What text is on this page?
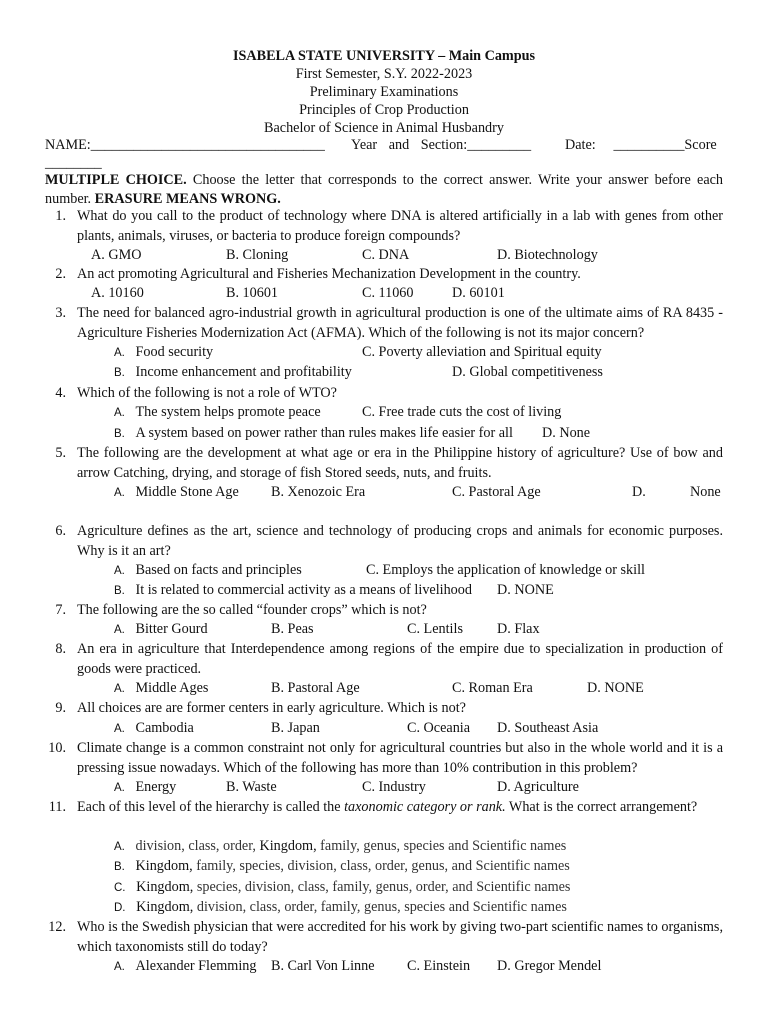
ISABELA STATE UNIVERSITY – Main Campus
First Semester, S.Y. 2022-2023
Preliminary Examinations
Principles of Crop Production
Bachelor of Science in Animal Husbandry
NAME:_________________________________ Year and Section:_________ Date: __________Score
________
MULTIPLE CHOICE. Choose the letter that corresponds to the correct answer. Write your answer before each number. ERASURE MEANS WRONG.
1. What do you call to the product of technology where DNA is altered artificially in a lab with genes from other plants, animals, viruses, or bacteria to produce foreign compounds?
A. GMO	B. Cloning	C. DNA	D. Biotechnology
2. An act promoting Agricultural and Fisheries Mechanization Development in the country.
A. 10160	B. 10601	C. 11060	D. 60101
3. The need for balanced agro-industrial growth in agricultural production is one of the ultimate aims of RA 8435 - Agriculture Fisheries Modernization Act (AFMA). Which of the following is not its major concern?
A. Food security	C. Poverty alleviation and Spiritual equity
B. Income enhancement and profitability	D. Global competitiveness
4. Which of the following is not a role of WTO?
A. The system helps promote peace	C. Free trade cuts the cost of living
B. A system based on power rather than rules makes life easier for all D. None
5. The following are the development at what age or era in the Philippine history of agriculture? Use of bow and arrow Catching, drying, and storage of fish Stored seeds, nuts, and fruits.
A. Middle Stone Age B. Xenozoic Era	C. Pastoral Age	D.	None
6. Agriculture defines as the art, science and technology of producing crops and animals for economic purposes. Why is it an art?
A. Based on facts and principles	C. Employs the application of knowledge or skill
B. It is related to commercial activity as a means of livelihood D. NONE
7. The following are the so called “founder crops” which is not?
A. Bitter Gourd	B. Peas	C. Lentils D. Flax
8. An era in agriculture that Interdependence among regions of the empire due to specialization in production of goods were practiced.
A. Middle Ages	B. Pastoral Age	C. Roman Era	D. NONE
9. All choices are are former centers in early agriculture. Which is not?
A. Cambodia	B. Japan	C. Oceania D. Southeast Asia
10. Climate change is a common constraint not only for agricultural countries but also in the whole world and it is a pressing issue nowadays. Which of the following has more than 10% contribution in this problem?
A. Energy	B. Waste	C. Industry	D. Agriculture
11. Each of this level of the hierarchy is called the taxonomic category or rank. What is the correct arrangement?
A. division, class, order, Kingdom, family, genus, species and Scientific names
B. Kingdom, family, species, division, class, order, genus, and Scientific names
C. Kingdom, species, division, class, family, genus, order, and Scientific names
D. Kingdom, division, class, order, family, genus, species and Scientific names
12. Who is the Swedish physician that were accredited for his work by giving two-part scientific names to organisms, which taxonomists still do today?
A. Alexander Flemming B. Carl Von Linne C. Einstein D. Gregor Mendel
